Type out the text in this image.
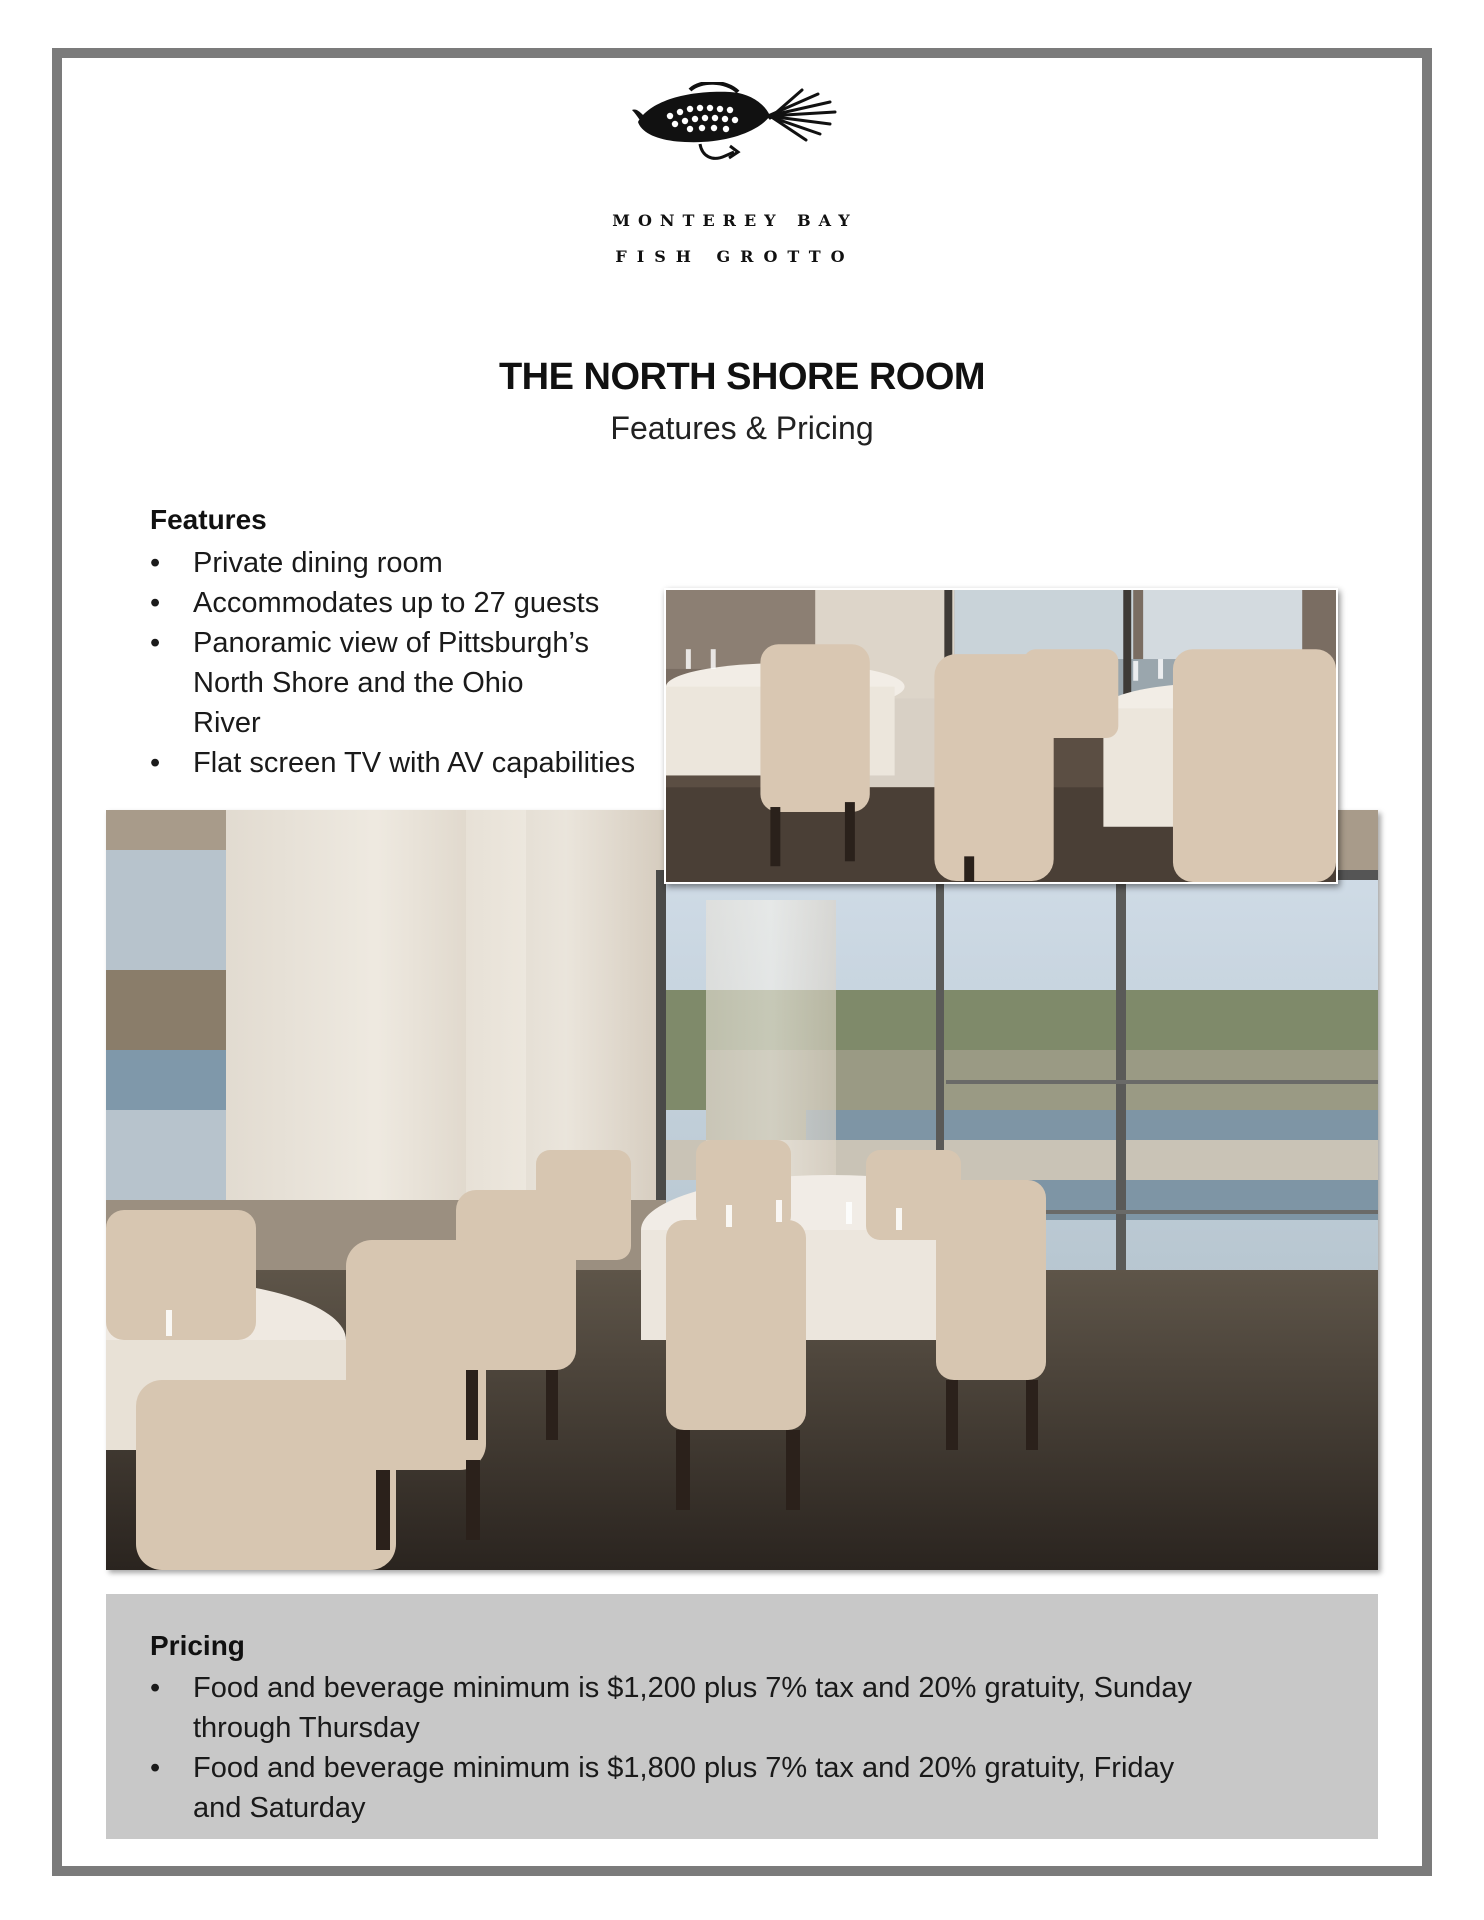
MONTEREY BAY
FISH GROTTO
THE NORTH SHORE ROOM
Features & Pricing
Features
• Private dining room
• Accommodates up to 27 guests
• Panoramic view of Pittsburgh’s North Shore and the Ohio River
• Flat screen TV with AV capabilities
Pricing
• Food and beverage minimum is $1,200 plus 7% tax and 20% gratuity, Sunday through Thursday
• Food and beverage minimum is $1,800 plus 7% tax and 20% gratuity, Friday and Saturday
